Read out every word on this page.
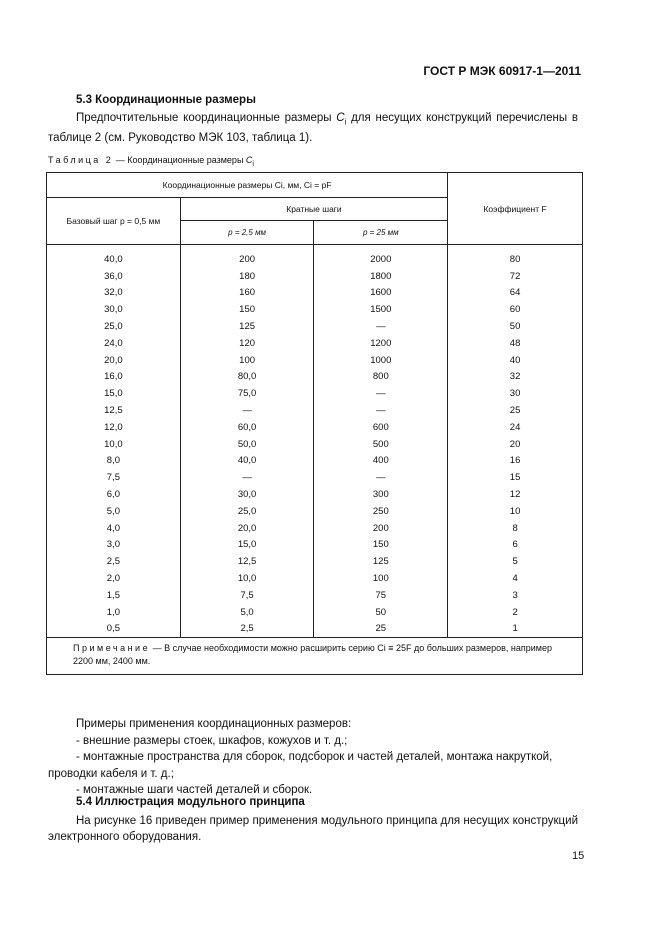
ГОСТ Р МЭК 60917-1—2011
5.3 Координационные размеры
Предпочтительные координационные размеры $C_i$ для несущих конструкций перечислены в таблице 2 (см. Руководство МЭК 103, таблица 1).
Таблица 2 — Координационные размеры $C_i$
Координационные размеры Ci, мм, Ci = pF			Коэффициент F
Базовый шаг p = 0,5 мм	Кратные шаги		
	p = 2,5 мм	p = 25 мм	
40,0	200	2000	80
36,0	180	1800	72
32,0	160	1600	64
30,0	150	1500	60
25,0	125	—	50
24,0	120	1200	48
20,0	100	1000	40
16,0	80,0	800	32
15,0	75,0	—	30
12,5	—	—	25
12,0	60,0	600	24
10,0	50,0	500	20
8,0	40,0	400	16
7,5	—	—	15
6,0	30,0	300	12
5,0	25,0	250	10
4,0	20,0	200	8
3,0	15,0	150	6
2,5	12,5	125	5
2,0	10,0	100	4
1,5	7,5	75	3
1,0	5,0	50	2
0,5	2,5	25	1
Примечание — В случае необходимости можно расширить серию Ci ≡ 25F до больших размеров, например 2200 мм, 2400 мм.			
Примеры применения координационных размеров:
- внешние размеры стоек, шкафов, кожухов и т. д.;
- монтажные пространства для сборок, подсборок и частей деталей, монтажа накруткой, проводки кабеля и т. д.;
- монтажные шаги частей деталей и сборок.
5.4 Иллюстрация модульного принципа
На рисунке 16 приведен пример применения модульного принципа для несущих конструкций электронного оборудования.
15
